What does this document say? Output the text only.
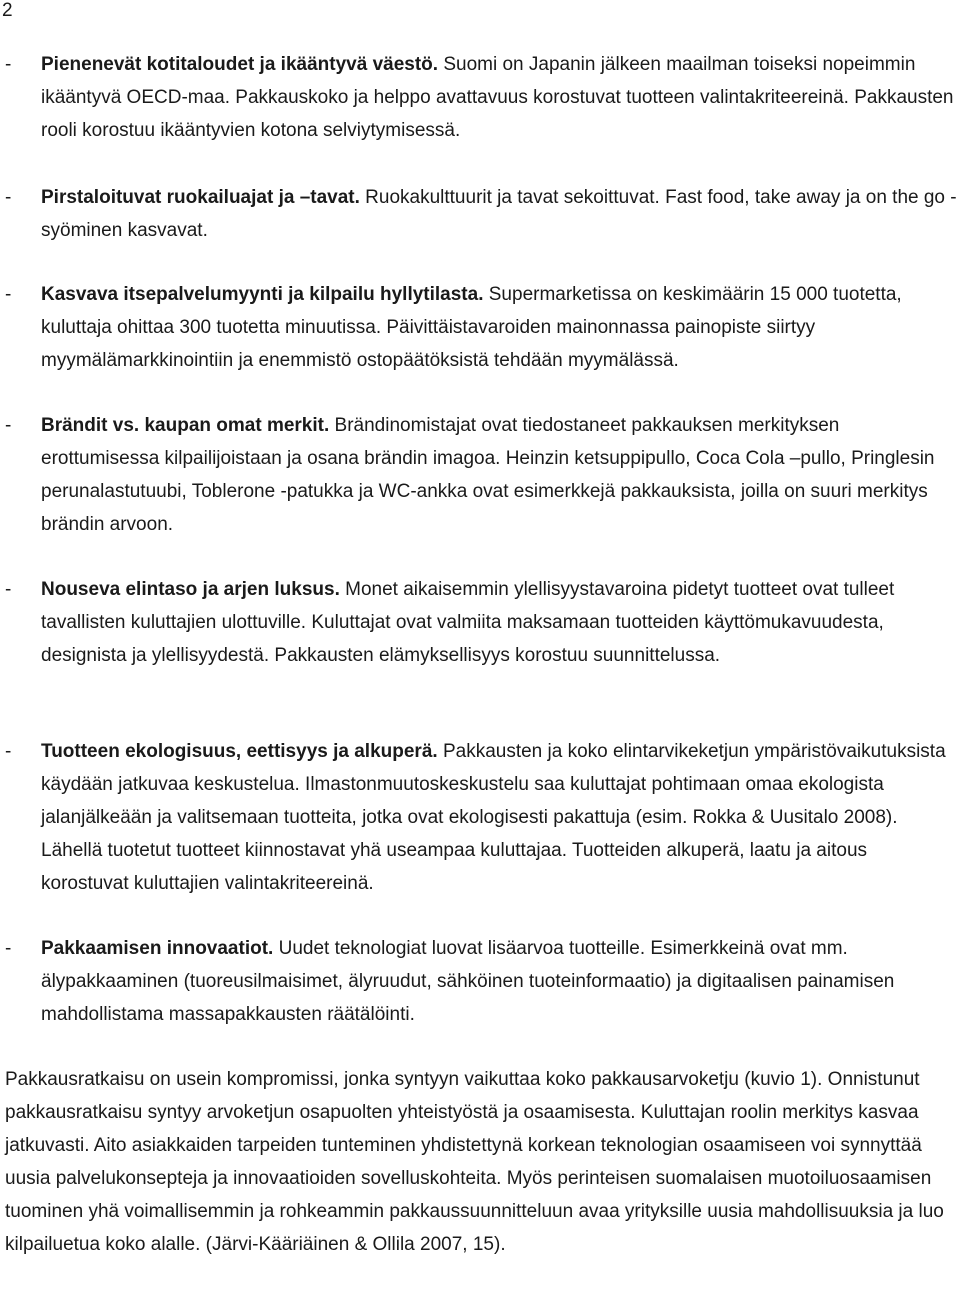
2
- Pienenevät kotitaloudet ja ikääntyvä väestö. Suomi on Japanin jälkeen maailman toiseksi nopeimmin ikääntyvä OECD-maa. Pakkauskoko ja helppo avattavuus korostuvat tuotteen valintakriteereinä. Pakkausten rooli korostuu ikääntyvien kotona selviytymisessä.
- Pirstaloituvat ruokailuajat ja –tavat. Ruokakulttuurit ja tavat sekoittuvat. Fast food, take away ja on the go -syöminen kasvavat.
- Kasvava itsepalvelumyynti ja kilpailu hyllytilasta. Supermarketissa on keskimäärin 15 000 tuotetta, kuluttaja ohittaa 300 tuotetta minuutissa. Päivittäistavaroiden mainonnassa painopiste siirtyy myymälämarkkinointiin ja enemmistö ostopäätöksistä tehdään myymälässä.
- Brändit vs. kaupan omat merkit. Brändinomistajat ovat tiedostaneet pakkauksen merkityksen erottumisessa kilpailijoistaan ja osana brändin imagoa. Heinzin ketsuppipullo, Coca Cola –pullo, Pringlesin perunalastutuubi, Toblerone -patukka ja WC-ankka ovat esimerkkejä pakkauksista, joilla on suuri merkitys brändin arvoon.
- Nouseva elintaso ja arjen luksus. Monet aikaisemmin ylellisyystavaroina pidetyt tuotteet ovat tulleet tavallisten kuluttajien ulottuville. Kuluttajat ovat valmiita maksamaan tuotteiden käyttömukavuudesta, designista ja ylellisyydestä. Pakkausten elämyksellisyys korostuu suunnittelussa.
- Tuotteen ekologisuus, eettisyys ja alkuperä. Pakkausten ja koko elintarvikeketjun ympäristövaikutuksista käydään jatkuvaa keskustelua. Ilmastonmuutoskeskustelu saa kuluttajat pohtimaan omaa ekologista jalanjälkeään ja valitsemaan tuotteita, jotka ovat ekologisesti pakattuja (esim. Rokka & Uusitalo 2008). Lähellä tuotetut tuotteet kiinnostavat yhä useampaa kuluttajaa. Tuotteiden alkuperä, laatu ja aitous korostuvat kuluttajien valintakriteereinä.
- Pakkaamisen innovaatiot. Uudet teknologiat luovat lisäarvoa tuotteille. Esimerkkeinä ovat mm. älypakkaaminen (tuoreusilmaisimet, älyruudut, sähköinen tuoteinformaatio) ja digitaalisen painamisen mahdollistama massapakkausten räätälöinti.

Pakkausratkaisu on usein kompromissi, jonka syntyyn vaikuttaa koko pakkausarvoketju (kuvio 1). Onnistunut pakkausratkaisu syntyy arvoketjun osapuolten yhteistyöstä ja osaamisesta. Kuluttajan roolin merkitys kasvaa jatkuvasti. Aito asiakkaiden tarpeiden tunteminen yhdistettynä korkean teknologian osaamiseen voi synnyttää uusia palvelukonsepteja ja innovaatioiden sovelluskohteita. Myös perinteisen suomalaisen muotoiluosaamisen tuominen yhä voimallisemmin ja rohkeammin pakkaussuunnitteluun avaa yrityksille uusia mahdollisuuksia ja luo kilpailuetua koko alalle. (Järvi-Kääriäinen & Ollila 2007, 15).
